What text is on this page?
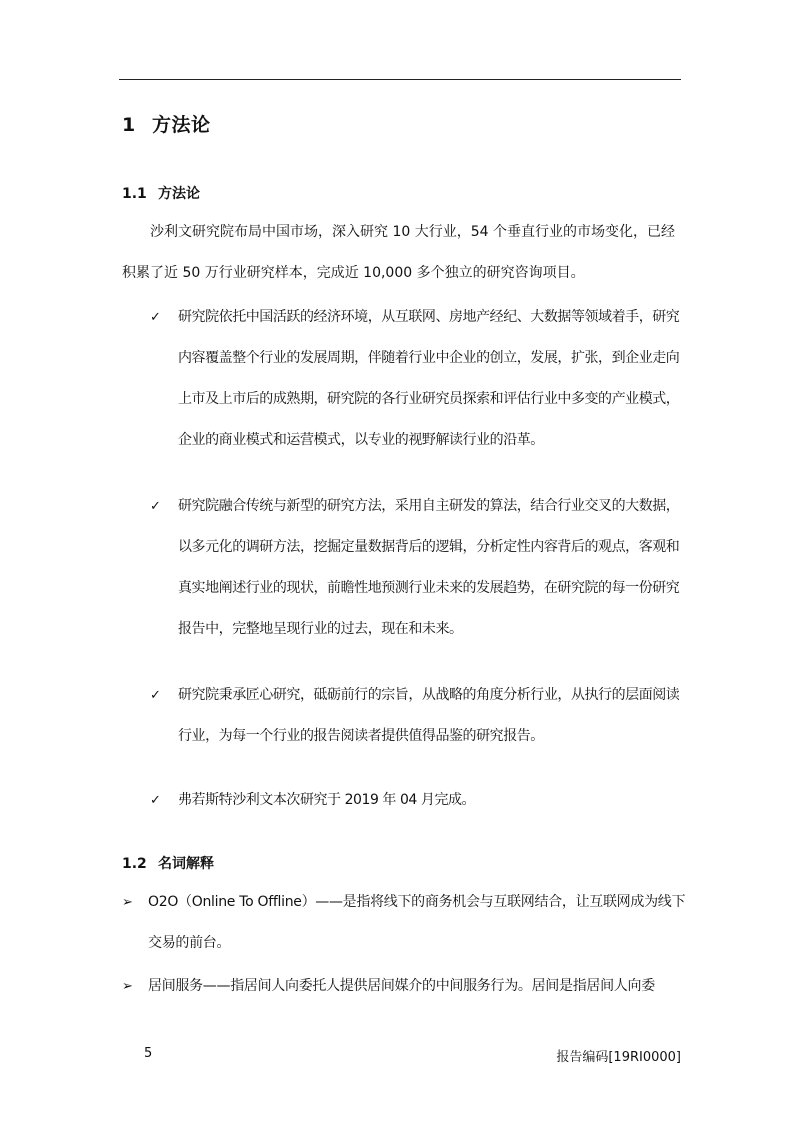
1 方法论
1.1 方法论

沙利文研究院布局中国市场，深入研究 10 大行业，54 个垂直行业的市场变化，已经积累了近 50 万行业研究样本，完成近 10,000 多个独立的研究咨询项目。

✓ 研究院依托中国活跃的经济环境，从互联网、房地产经纪、大数据等领域着手，研究内容覆盖整个行业的发展周期，伴随着行业中企业的创立，发展，扩张，到企业走向上市及上市后的成熟期，研究院的各行业研究员探索和评估行业中多变的产业模式，企业的商业模式和运营模式，以专业的视野解读行业的沿革。
✓ 研究院融合传统与新型的研究方法，采用自主研发的算法，结合行业交叉的大数据，以多元化的调研方法，挖掘定量数据背后的逻辑，分析定性内容背后的观点，客观和真实地阐述行业的现状，前瞻性地预测行业未来的发展趋势，在研究院的每一份研究报告中，完整地呈现行业的过去，现在和未来。
✓ 研究院秉承匠心研究，砥砺前行的宗旨，从战略的角度分析行业，从执行的层面阅读行业，为每一个行业的报告阅读者提供值得品鉴的研究报告。
✓ 弗若斯特沙利文本次研究于 2019 年 04 月完成。
1.2 名词解释
➢ O2O（Online To Offline）——是指将线下的商务机会与互联网结合，让互联网成为线下交易的前台。
➢ 居间服务——指居间人向委托人提供居间媒介的中间服务行为。居间是指居间人向委
5	报告编码[19RI0000]
